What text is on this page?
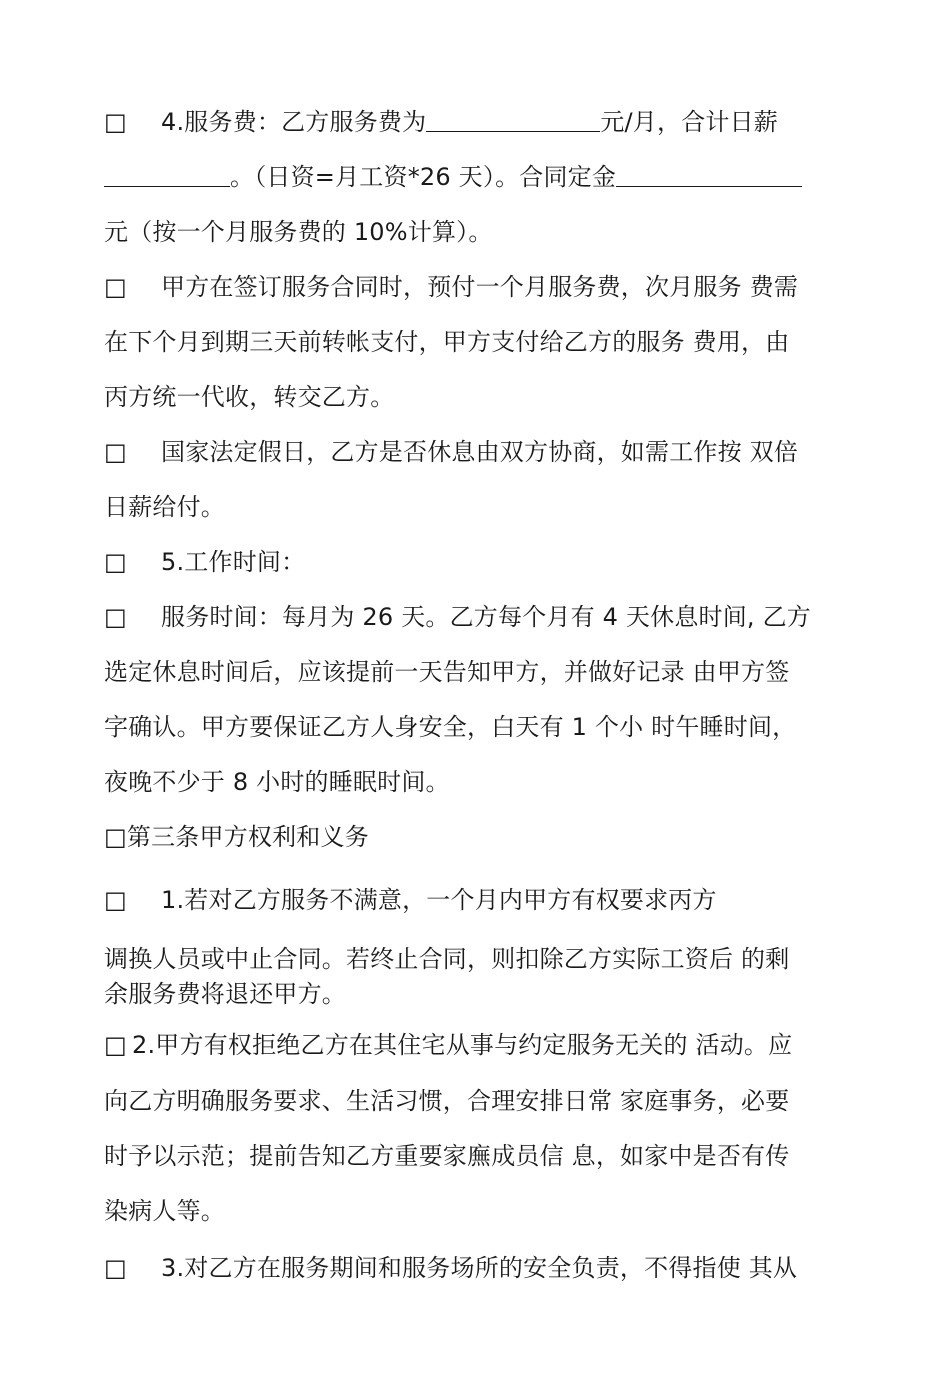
□ 4.服务费：乙方服务费为	元/月，合计日薪
。（日资=月工资*26 天）。合同定金
元（按一个月服务费的 10%计算）。
□ 甲方在签订服务合同时，预付一个月服务费，次月服务 费需
在下个月到期三天前转帐支付，甲方支付给乙方的服务 费用，由
丙方统一代收，转交乙方。
□ 国家法定假日，乙方是否休息由双方协商，如需工作按 双倍
日薪给付。
□ 5.工作时间：
□ 服务时间：每月为 26 天。乙方每个月有 4 天休息时间, 乙方
选定休息时间后，应该提前一天告知甲方，并做好记录 由甲方签
字确认。甲方要保证乙方人身安全，白天有 1 个小 时午睡时间，
夜晚不少于 8 小时的睡眠时间。
□第三条甲方权利和义务
□ 1.若对乙方服务不满意，一个月内甲方有权要求丙方
调换人员或中止合同。若终止合同，则扣除乙方实际工资后 的剩
余服务费将退还甲方。
□ 2.甲方有权拒绝乙方在其住宅从事与约定服务无关的 活动。应
向乙方明确服务要求、生活习惯，合理安排日常 家庭事务，必要
时予以示范；提前告知乙方重要家廡成员信 息，如家中是否有传
染病人等。
□ 3.对乙方在服务期间和服务场所的安全负责，不得指使 其从
